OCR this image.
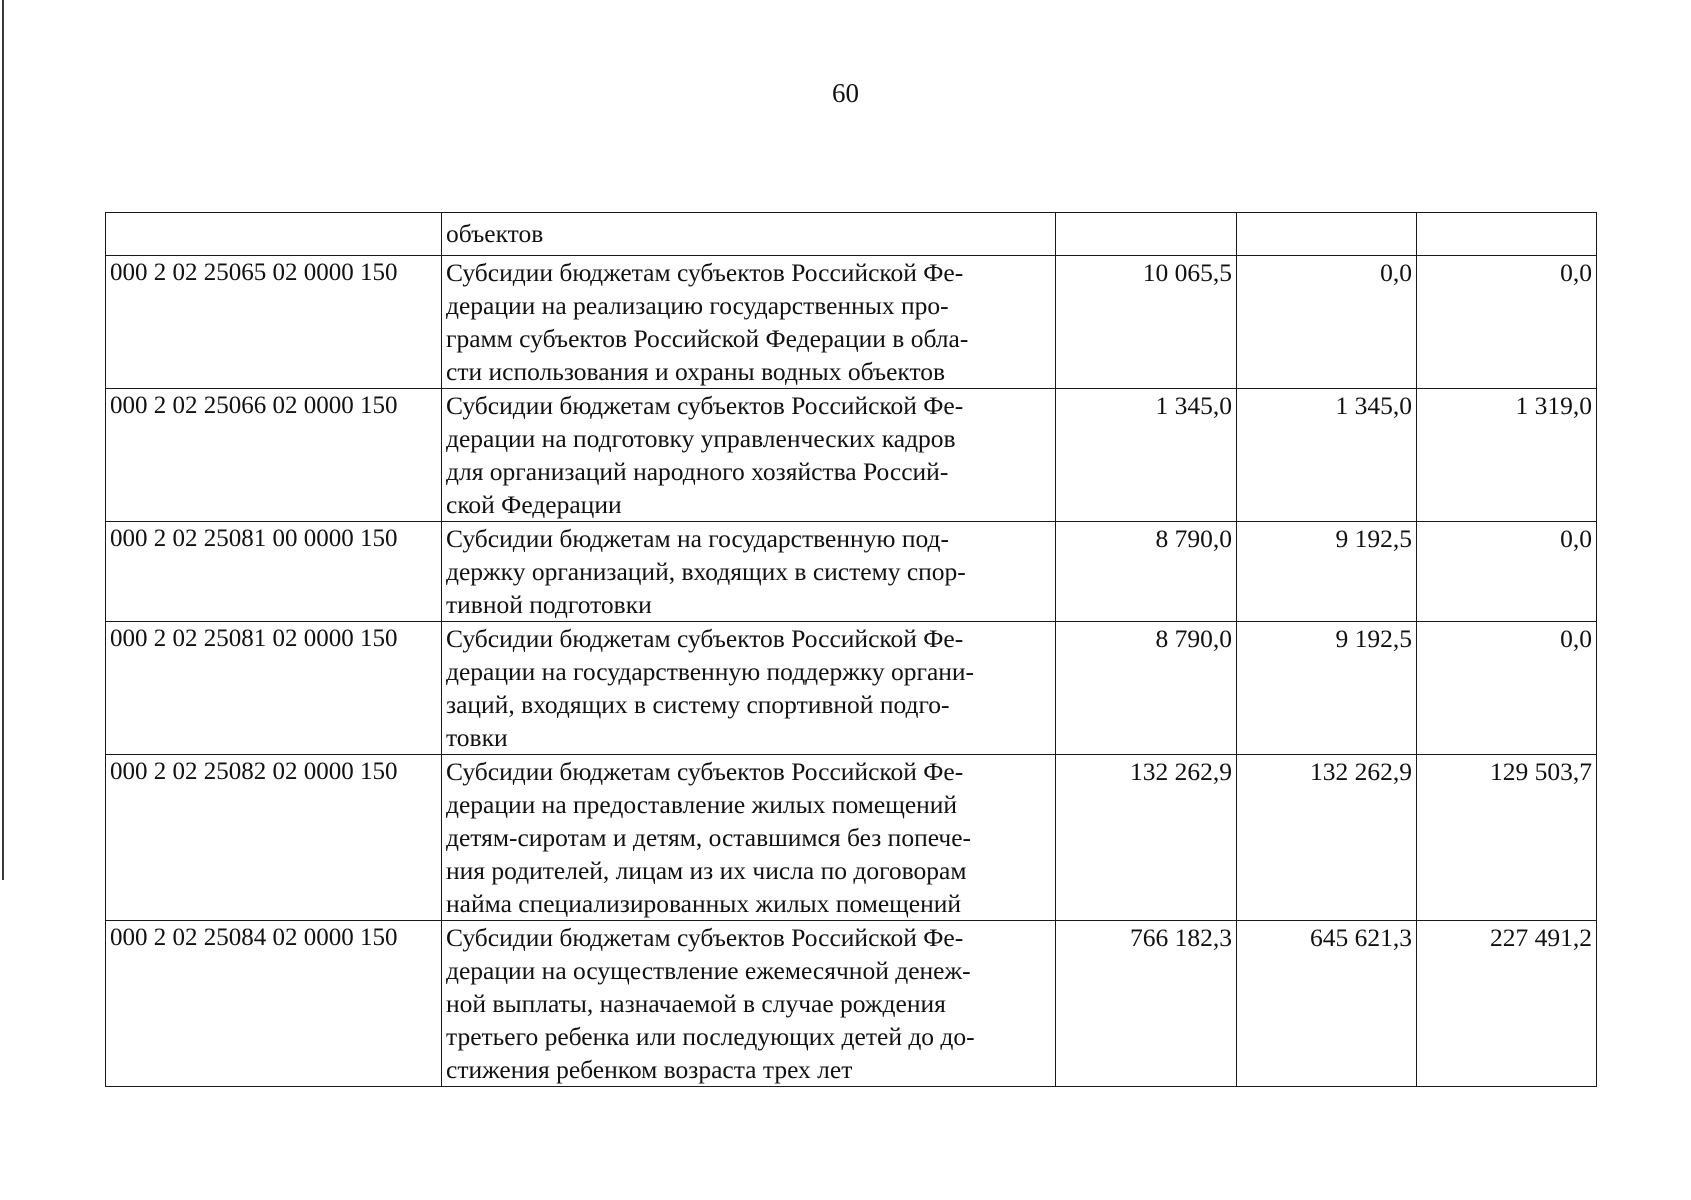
60
	объектов			
000 2 02 25065 02 0000 150	Субсидии бюджетам субъектов Российской Фе-
дерации на реализацию государственных про-
грамм субъектов Российской Федерации в обла-
сти использования и охраны водных объектов	10 065,5	0,0	0,0
000 2 02 25066 02 0000 150	Субсидии бюджетам субъектов Российской Фе-
дерации на подготовку управленческих кадров
для организаций народного хозяйства Россий-
ской Федерации	1 345,0	1 345,0	1 319,0
000 2 02 25081 00 0000 150	Субсидии бюджетам на государственную под-
держку организаций, входящих в систему спор-
тивной подготовки	8 790,0	9 192,5	0,0
000 2 02 25081 02 0000 150	Субсидии бюджетам субъектов Российской Фе-
дерации на государственную поддержку органи-
заций, входящих в систему спортивной подго-
товки	8 790,0	9 192,5	0,0
000 2 02 25082 02 0000 150	Субсидии бюджетам субъектов Российской Фе-
дерации на предоставление жилых помещений
детям-сиротам и детям, оставшимся без попече-
ния родителей, лицам из их числа по договорам
найма специализированных жилых помещений	132 262,9	132 262,9	129 503,7
000 2 02 25084 02 0000 150	Субсидии бюджетам субъектов Российской Фе-
дерации на осуществление ежемесячной денеж-
ной выплаты, назначаемой в случае рождения
третьего ребенка или последующих детей до до-
стижения ребенком возраста трех лет	766 182,3	645 621,3	227 491,2
